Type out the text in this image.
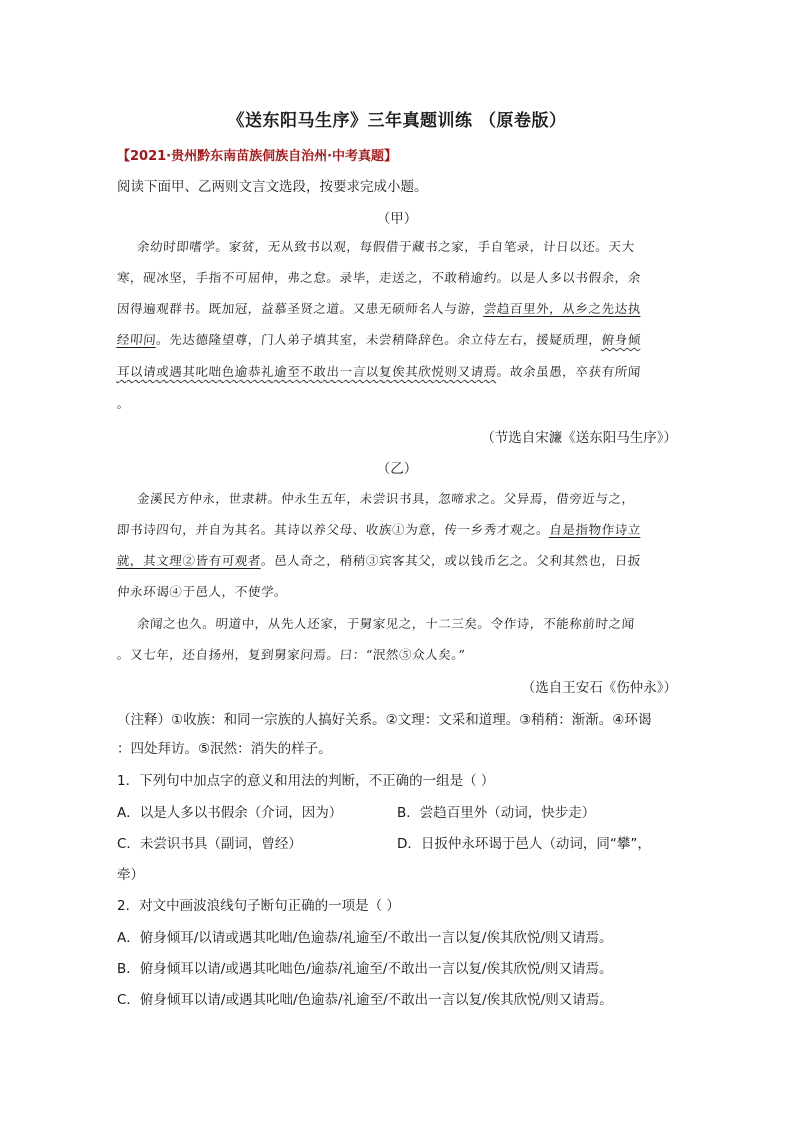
《送东阳马生序》三年真题训练 （原卷版）
【2021·贵州黔东南苗族侗族自治州·中考真题】
阅读下面甲、乙两则文言文选段，按要求完成小题。
（甲）
余幼时即嗜学。家贫，无从致书以观，每假借于藏书之家，手自笔录，计日以还。天大
寒，砚冰坚，手指不可屈伸，弗之怠。录毕，走送之，不敢稍逾约。以是人多以书假余，余
因得遍观群书。既加冠，益慕圣贤之道。又患无硕师名人与游，尝趋百里外，从乡之先达执
经叩问。先达德隆望尊，门人弟子填其室，未尝稍降辞色。余立侍左右，援疑质理，俯身倾
耳以请或遇其叱咄色逾恭礼逾至不敢出一言以复俟其欣悦则又请焉。故余虽愚，卒获有所闻
。
（节选自宋濂《送东阳马生序》）
（乙）
金溪民方仲永，世隶耕。仲永生五年，未尝识书具，忽啼求之。父异焉，借旁近与之，
即书诗四句，并自为其名。其诗以养父母、收族①为意，传一乡秀才观之。自是指物作诗立
就，其文理②皆有可观者。邑人奇之，稍稍③宾客其父，或以钱币乞之。父利其然也，日扳
仲永环谒④于邑人，不使学。
余闻之也久。明道中，从先人还家，于舅家见之，十二三矣。令作诗，不能称前时之闻
。又七年，还自扬州，复到舅家问焉。曰：“泯然⑤众人矣。”
（选自王安石《伤仲永》）
（注释）①收族：和同一宗族的人搞好关系。②文理：文采和道理。③稍稍：渐渐。④环谒
：四处拜访。⑤泯然：消失的样子。
1．下列句中加点字的意义和用法的判断，不正确的一组是（ ）
A．以是人多以书假余（介词，因为）	B．尝趋百里外（动词，快步走）
C．未尝识书具（副词，曾经）	D．日扳仲永环谒于邑人（动词，同“攀”，
牵）
2．对文中画波浪线句子断句正确的一项是（ ）
A．俯身倾耳/以请或遇其叱咄/色逾恭/礼逾至/不敢出一言以复/俟其欣悦/则又请焉。
B．俯身倾耳以请/或遇其叱咄色/逾恭/礼逾至/不敢出一言以复/俟其欣悦/则又请焉。
C．俯身倾耳以请/或遇其叱咄/色逾恭/礼逾至/不敢出一言以复/俟其欣悦/则又请焉。
